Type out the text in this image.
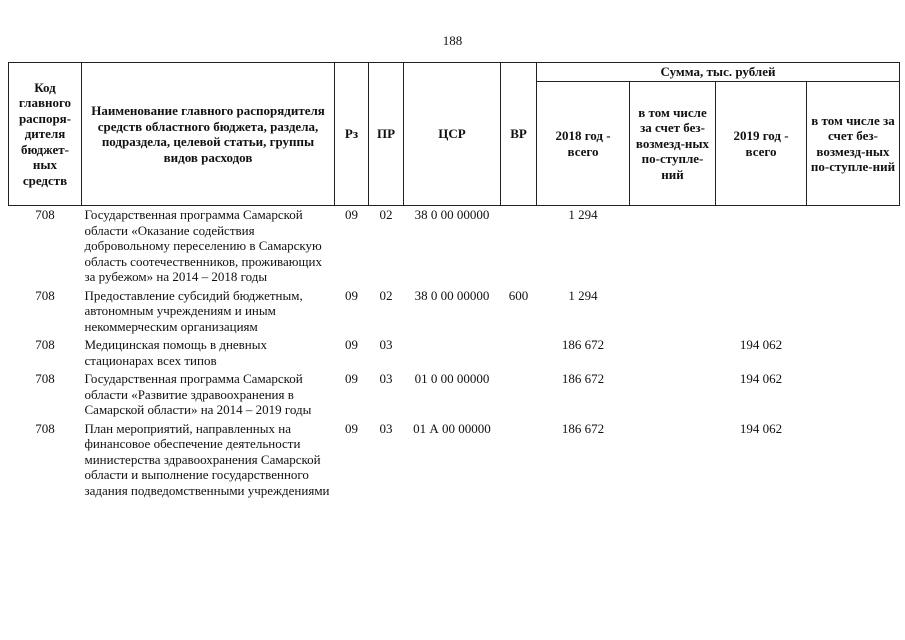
188
Код главного распоря-дителя бюджет-ных средств	Наименование главного распорядителя средств областного бюджета, раздела, подраздела, целевой статьи, группы видов расходов	Рз	ПР	ЦСР	ВР	Сумма, тыс. рублей			
						2018 год - всего	в том числе за счет без-возмезд-ных по-ступле-ний	2019 год - всего	в том числе за счет без-возмезд-ных по-ступле-ний
708	Государственная программа Самарской области «Оказание содействия добровольному переселению в Самарскую область соотечественников, проживающих за рубежом» на 2014 – 2018 годы	09	02	38 0 00 00000		1 294			
708	Предоставление субсидий бюджетным, автономным учреждениям и иным некоммерческим организациям	09	02	38 0 00 00000	600	1 294			
708	Медицинская помощь в дневных стационарах всех типов	09	03			186 672		194 062	
708	Государственная программа Самарской области «Развитие здравоохранения в Самарской области» на 2014 – 2019 годы	09	03	01 0 00 00000		186 672		194 062	
708	План мероприятий, направленных на финансовое обеспечение деятельности министерства здравоохранения Самарской области и выполнение государственного задания подведомственными учреждениями	09	03	01 А 00 00000		186 672		194 062	
